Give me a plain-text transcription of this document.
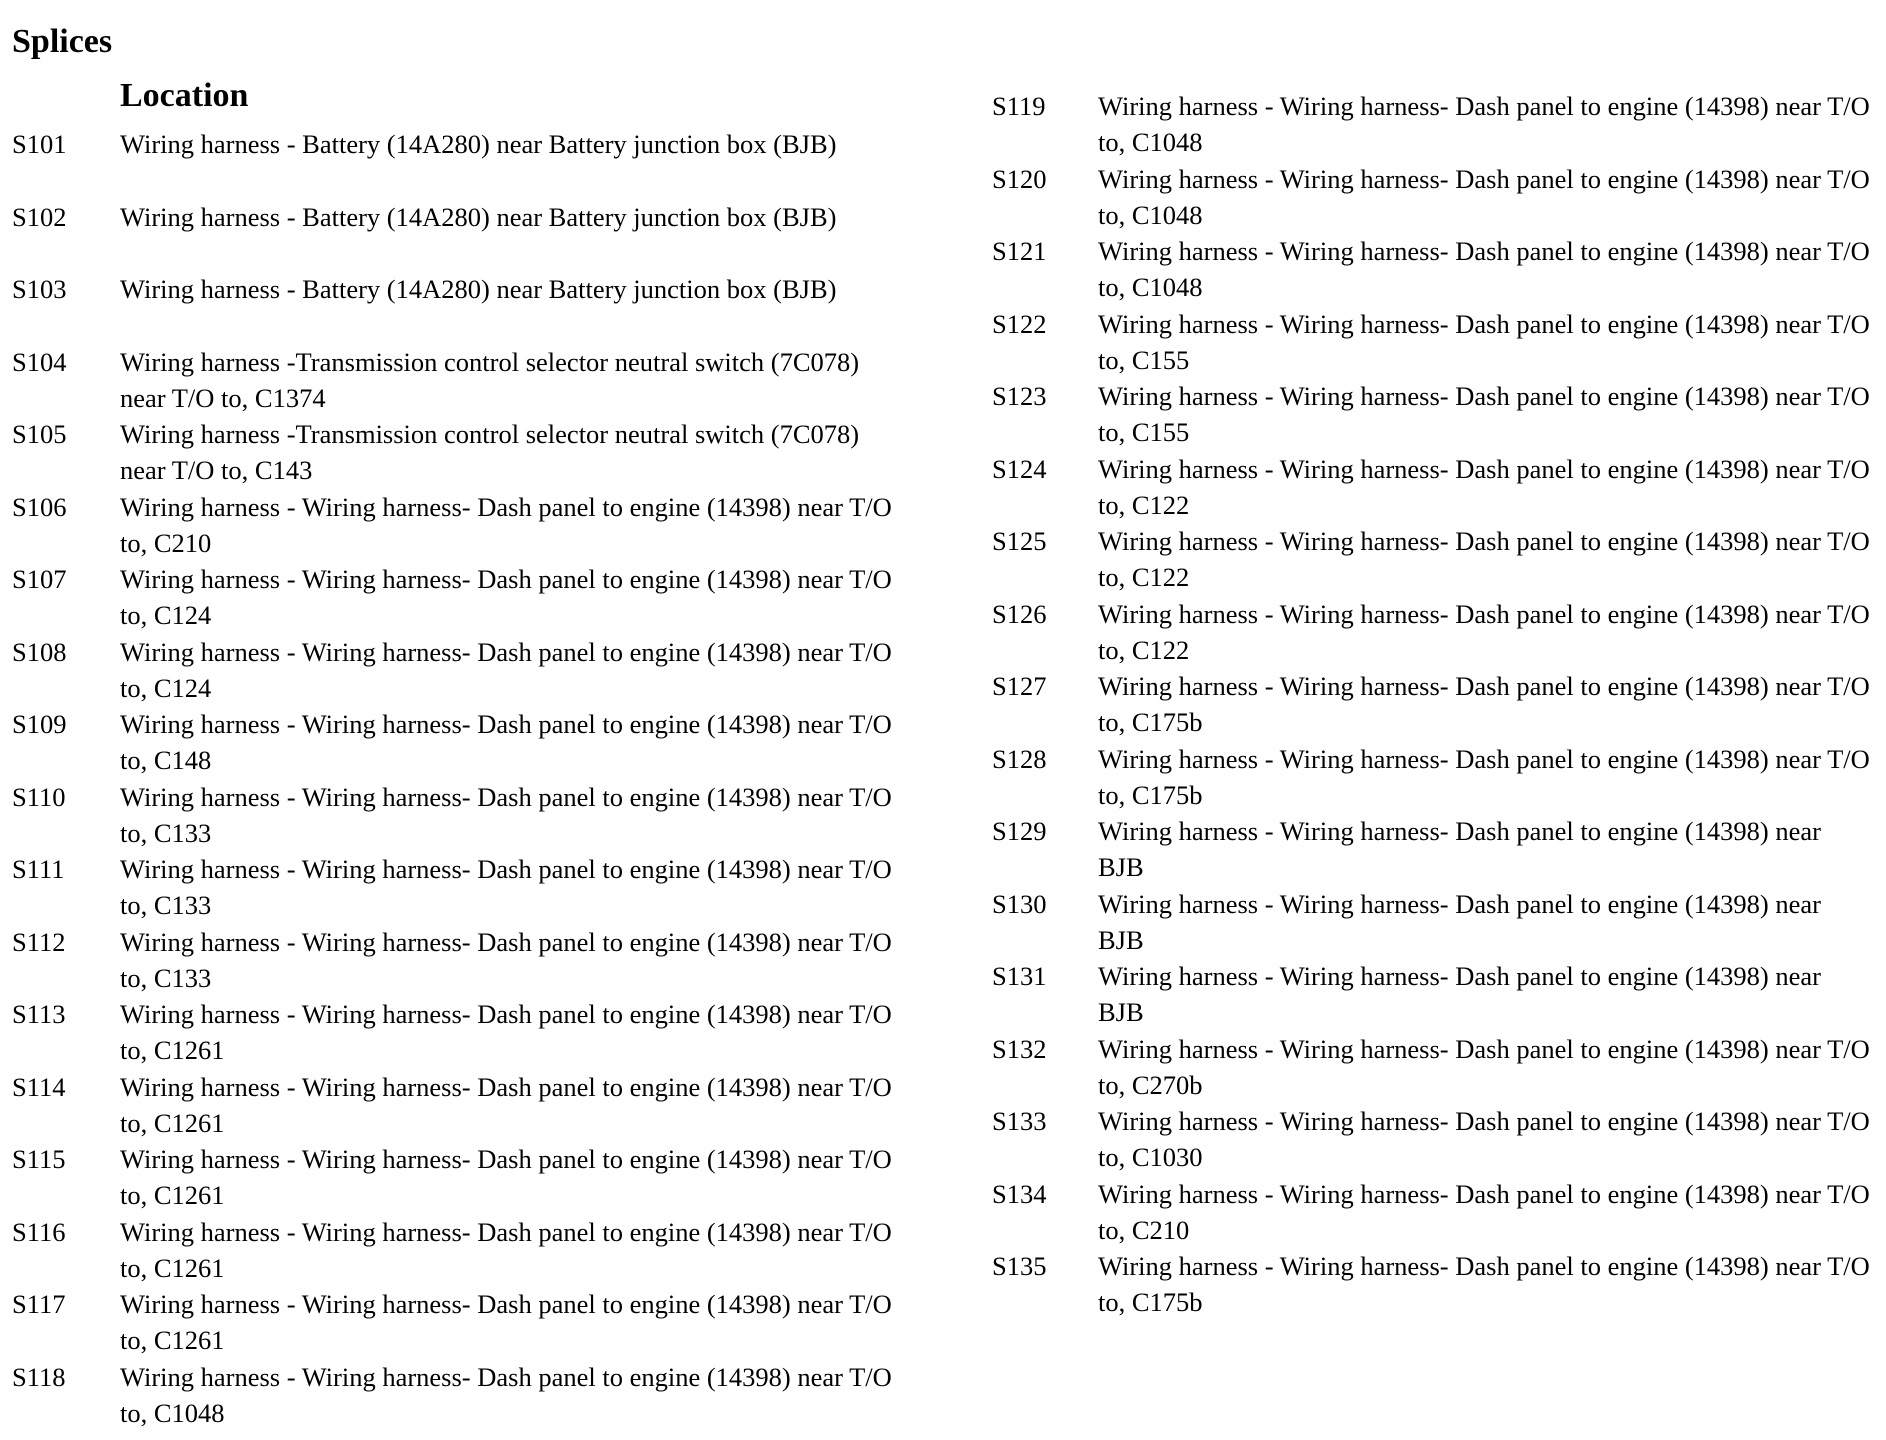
Splices
Location
S101	Wiring harness - Battery (14A280) near Battery junction box (BJB)
S102	Wiring harness - Battery (14A280) near Battery junction box (BJB)
S103	Wiring harness - Battery (14A280) near Battery junction box (BJB)
S104	Wiring harness -Transmission control selector neutral switch (7C078) near T/O to, C1374
S105	Wiring harness -Transmission control selector neutral switch (7C078) near T/O to, C143
S106	Wiring harness - Wiring harness- Dash panel to engine (14398) near T/O to, C210
S107	Wiring harness - Wiring harness- Dash panel to engine (14398) near T/O to, C124
S108	Wiring harness - Wiring harness- Dash panel to engine (14398) near T/O to, C124
S109	Wiring harness - Wiring harness- Dash panel to engine (14398) near T/O to, C148
S110	Wiring harness - Wiring harness- Dash panel to engine (14398) near T/O to, C133
S111	Wiring harness - Wiring harness- Dash panel to engine (14398) near T/O to, C133
S112	Wiring harness - Wiring harness- Dash panel to engine (14398) near T/O to, C133
S113	Wiring harness - Wiring harness- Dash panel to engine (14398) near T/O to, C1261
S114	Wiring harness - Wiring harness- Dash panel to engine (14398) near T/O to, C1261
S115	Wiring harness - Wiring harness- Dash panel to engine (14398) near T/O to, C1261
S116	Wiring harness - Wiring harness- Dash panel to engine (14398) near T/O to, C1261
S117	Wiring harness - Wiring harness- Dash panel to engine (14398) near T/O to, C1261
S118	Wiring harness - Wiring harness- Dash panel to engine (14398) near T/O to, C1048
S119	Wiring harness - Wiring harness- Dash panel to engine (14398) near T/O to, C1048
S120	Wiring harness - Wiring harness- Dash panel to engine (14398) near T/O to, C1048
S121	Wiring harness - Wiring harness- Dash panel to engine (14398) near T/O to, C1048
S122	Wiring harness - Wiring harness- Dash panel to engine (14398) near T/O to, C155
S123	Wiring harness - Wiring harness- Dash panel to engine (14398) near T/O to, C155
S124	Wiring harness - Wiring harness- Dash panel to engine (14398) near T/O to, C122
S125	Wiring harness - Wiring harness- Dash panel to engine (14398) near T/O to, C122
S126	Wiring harness - Wiring harness- Dash panel to engine (14398) near T/O to, C122
S127	Wiring harness - Wiring harness- Dash panel to engine (14398) near T/O to, C175b
S128	Wiring harness - Wiring harness- Dash panel to engine (14398) near T/O to, C175b
S129	Wiring harness - Wiring harness- Dash panel to engine (14398) near BJB
S130	Wiring harness - Wiring harness- Dash panel to engine (14398) near BJB
S131	Wiring harness - Wiring harness- Dash panel to engine (14398) near BJB
S132	Wiring harness - Wiring harness- Dash panel to engine (14398) near T/O to, C270b
S133	Wiring harness - Wiring harness- Dash panel to engine (14398) near T/O to, C1030
S134	Wiring harness - Wiring harness- Dash panel to engine (14398) near T/O to, C210
S135	Wiring harness - Wiring harness- Dash panel to engine (14398) near T/O to, C175b
